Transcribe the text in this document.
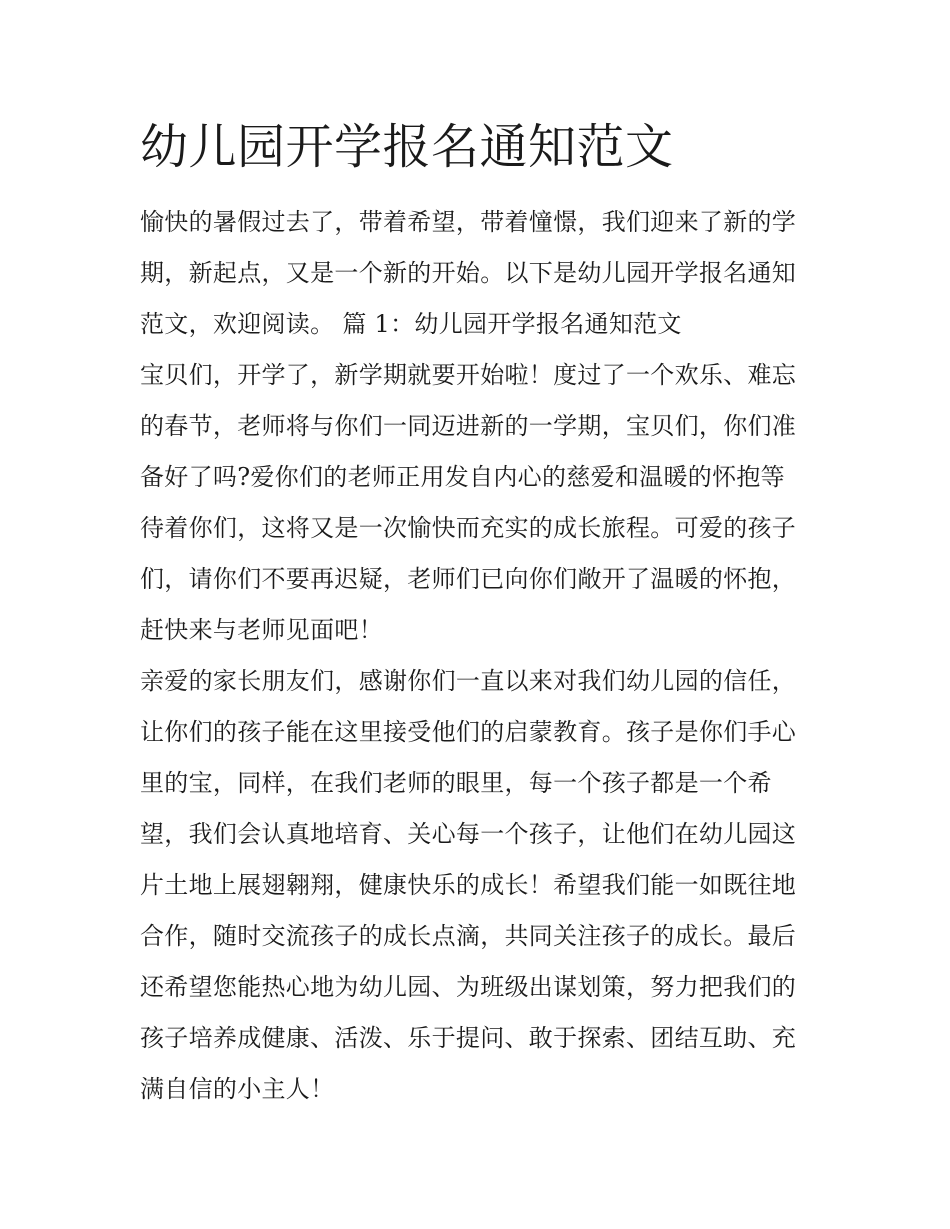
幼儿园开学报名通知范文
愉快的暑假过去了，带着希望，带着憧憬，我们迎来了新的学
期，新起点，又是一个新的开始。以下是幼儿园开学报名通知
范文，欢迎阅读。 篇 1：幼儿园开学报名通知范文
宝贝们，开学了，新学期就要开始啦！度过了一个欢乐、难忘
的春节，老师将与你们一同迈进新的一学期，宝贝们，你们准
备好了吗?爱你们的老师正用发自内心的慈爱和温暖的怀抱等
待着你们，这将又是一次愉快而充实的成长旅程。可爱的孩子
们，请你们不要再迟疑，老师们已向你们敞开了温暖的怀抱，
赶快来与老师见面吧！
亲爱的家长朋友们，感谢你们一直以来对我们幼儿园的信任，
让你们的孩子能在这里接受他们的启蒙教育。孩子是你们手心
里的宝，同样，在我们老师的眼里，每一个孩子都是一个希
望，我们会认真地培育、关心每一个孩子，让他们在幼儿园这
片土地上展翅翱翔，健康快乐的成长！希望我们能一如既往地
合作，随时交流孩子的成长点滴，共同关注孩子的成长。最后
还希望您能热心地为幼儿园、为班级出谋划策，努力把我们的
孩子培养成健康、活泼、乐于提问、敢于探索、团结互助、充
满自信的小主人！
